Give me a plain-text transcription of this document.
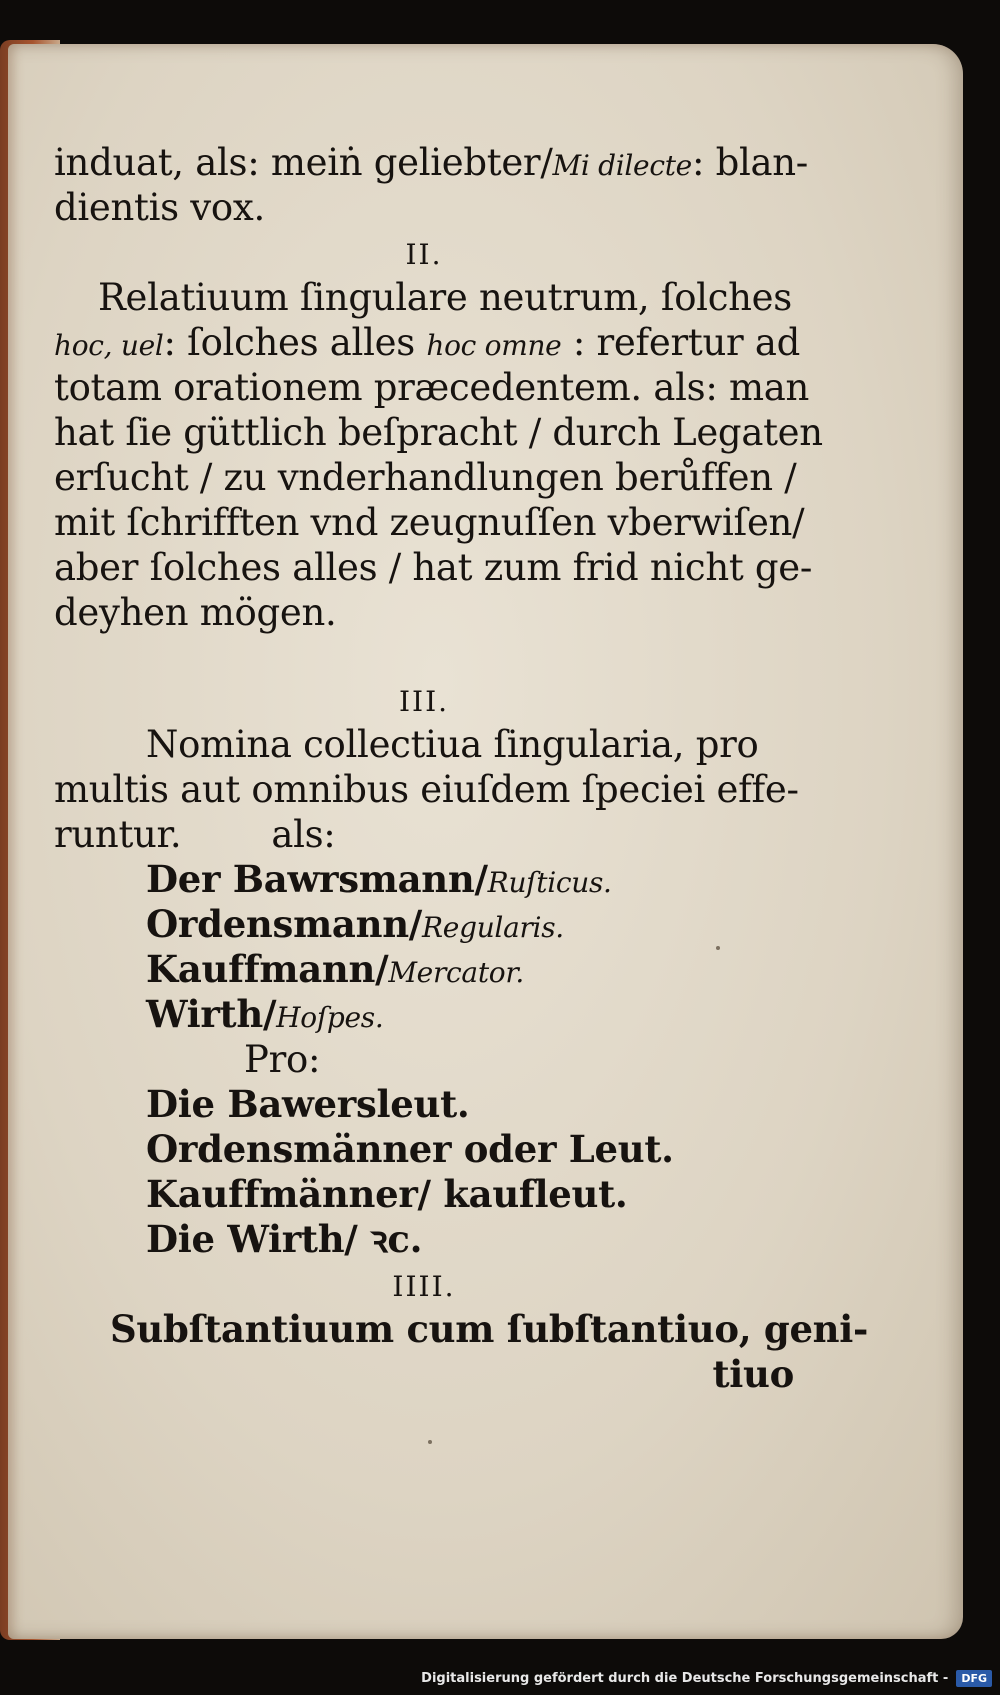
induat, als: meiṅ geliebter/Mi dilecte: blan-
dientis vox.
II.
Relatiuum ſingulare neutrum, ſolches
hoc, uel: ſolches alles hoc omne : refertur ad
totam orationem præcedentem. als: man
hat ſie güttlich beſpracht / durch Legaten
erſucht / zu vnderhandlungen berůffen /
mit ſchrifften vnd zeugnuſſen vberwiſen/
aber ſolches alles / hat zum frid nicht ge-
deyhen mögen.
III.
Nomina collectiua ſingularia, pro
multis aut omnibus eiuſdem ſpeciei effe-
runtur. als:
Der Bawrsmann/Ruſticus.
Ordensmann/Regularis.
Kauffmann/Mercator.
Wirth/Hoſpes.
Pro:
Die Bawersleut.
Ordensmänner oder Leut.
Kauffmänner/ kaufleut.
Die Wirth/ ꝛc.
IIII.
Subſtantiuum cum ſubſtantiuo, geni-
tiuo
Digitalisierung gefördert durch die Deutsche Forschungsgemeinschaft -	DFG
